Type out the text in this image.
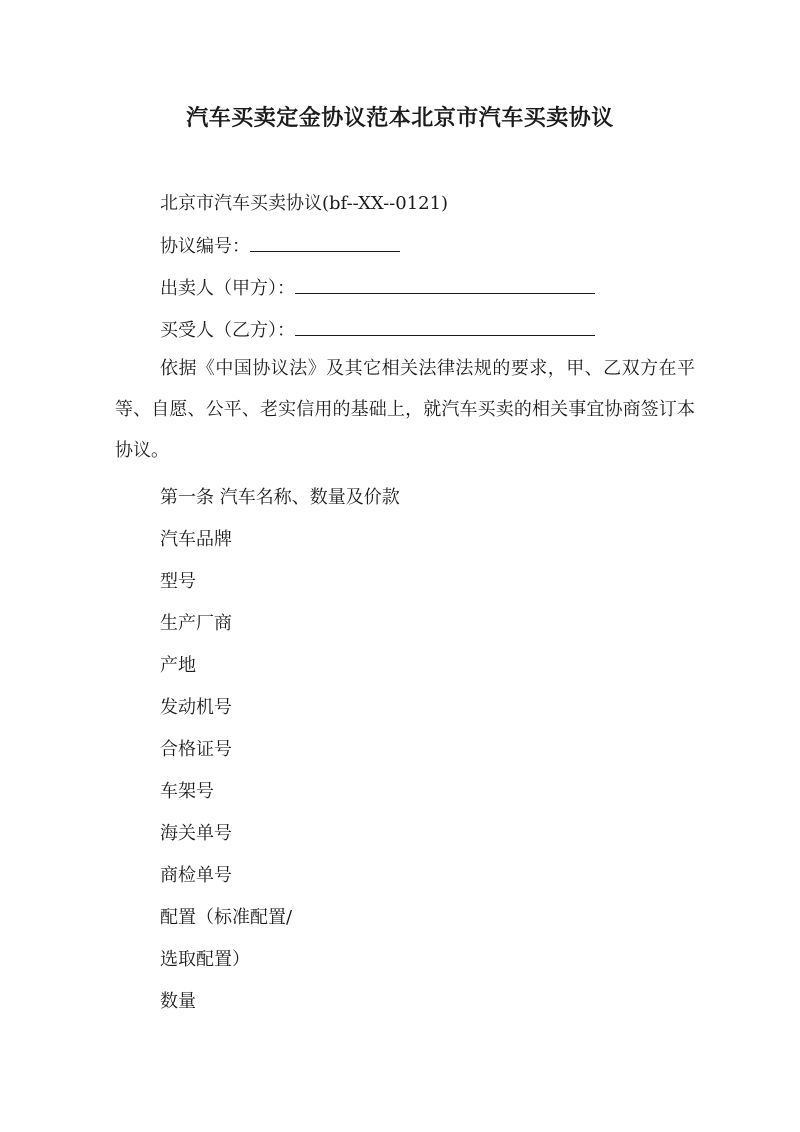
汽车买卖定金协议范本北京市汽车买卖协议
北京市汽车买卖协议(bf--XX--0121)
协议编号：
出卖人（甲方）：
买受人（乙方）：
依据《中国协议法》及其它相关法律法规的要求，甲、乙双方在平等、自愿、公平、老实信用的基础上，就汽车买卖的相关事宜协商签订本协议。
第一条 汽车名称、数量及价款
汽车品牌
型号
生产厂商
产地
发动机号
合格证号
车架号
海关单号
商检单号
配置（标准配置/
选取配置）
数量
